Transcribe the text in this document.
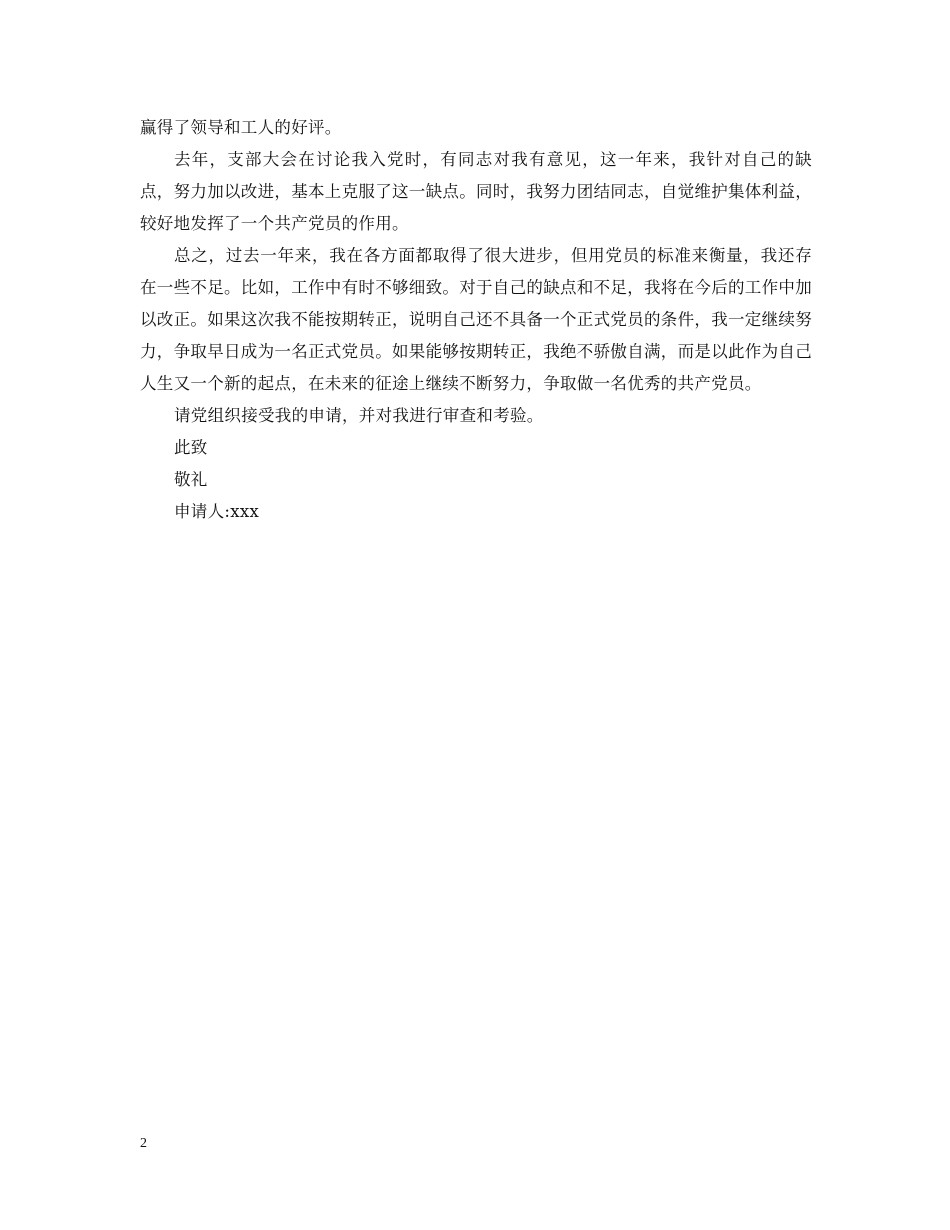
赢得了领导和工人的好评。

去年，支部大会在讨论我入党时，有同志对我有意见，这一年来，我针对自己的缺点，努力加以改进，基本上克服了这一缺点。同时，我努力团结同志，自觉维护集体利益，较好地发挥了一个共产党员的作用。

总之，过去一年来，我在各方面都取得了很大进步，但用党员的标准来衡量，我还存在一些不足。比如，工作中有时不够细致。对于自己的缺点和不足，我将在今后的工作中加以改正。如果这次我不能按期转正，说明自己还不具备一个正式党员的条件，我一定继续努力，争取早日成为一名正式党员。如果能够按期转正，我绝不骄傲自满，而是以此作为自己人生又一个新的起点，在未来的征途上继续不断努力，争取做一名优秀的共产党员。

请党组织接受我的申请，并对我进行审查和考验。

此致

敬礼

申请人:xxx

2
